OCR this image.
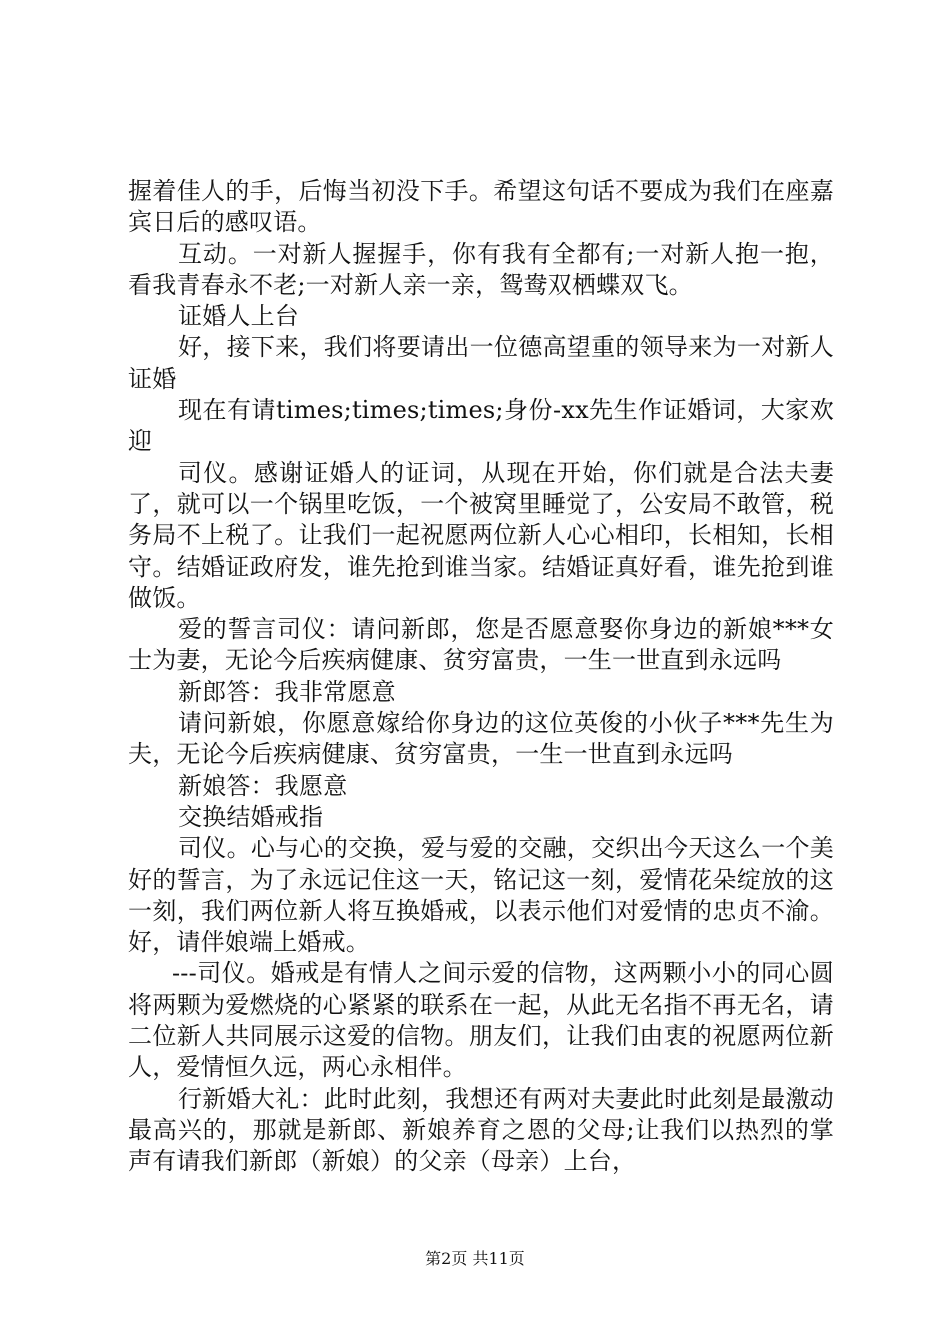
握着佳人的手，后悔当初没下手。希望这句话不要成为我们在座嘉宾日后的感叹语。

互动。一对新人握握手，你有我有全都有;一对新人抱一抱，看我青春永不老;一对新人亲一亲，鸳鸯双栖蝶双飞。

证婚人上台

好，接下来，我们将要请出一位德高望重的领导来为一对新人证婚

现在有请times;times;times;身份-xx先生作证婚词，大家欢迎

司仪。感谢证婚人的证词，从现在开始，你们就是合法夫妻了，就可以一个锅里吃饭，一个被窝里睡觉了，公安局不敢管，税务局不上税了。让我们一起祝愿两位新人心心相印，长相知，长相守。结婚证政府发，谁先抢到谁当家。结婚证真好看，谁先抢到谁做饭。

爱的誓言司仪：请问新郎，您是否愿意娶你身边的新娘***女士为妻，无论今后疾病健康、贫穷富贵，一生一世直到永远吗

新郎答：我非常愿意

请问新娘，你愿意嫁给你身边的这位英俊的小伙子***先生为夫，无论今后疾病健康、贫穷富贵，一生一世直到永远吗

新娘答：我愿意

交换结婚戒指

司仪。心与心的交换，爱与爱的交融，交织出今天这么一个美好的誓言，为了永远记住这一天，铭记这一刻，爱情花朵绽放的这一刻，我们两位新人将互换婚戒，以表示他们对爱情的忠贞不渝。好，请伴娘端上婚戒。

---司仪。婚戒是有情人之间示爱的信物，这两颗小小的同心圆将两颗为爱燃烧的心紧紧的联系在一起，从此无名指不再无名，请二位新人共同展示这爱的信物。朋友们，让我们由衷的祝愿两位新人，爱情恒久远，两心永相伴。

行新婚大礼：此时此刻，我想还有两对夫妻此时此刻是最激动最高兴的，那就是新郎、新娘养育之恩的父母;让我们以热烈的掌声有请我们新郎（新娘）的父亲（母亲）上台，

第2页 共11页
